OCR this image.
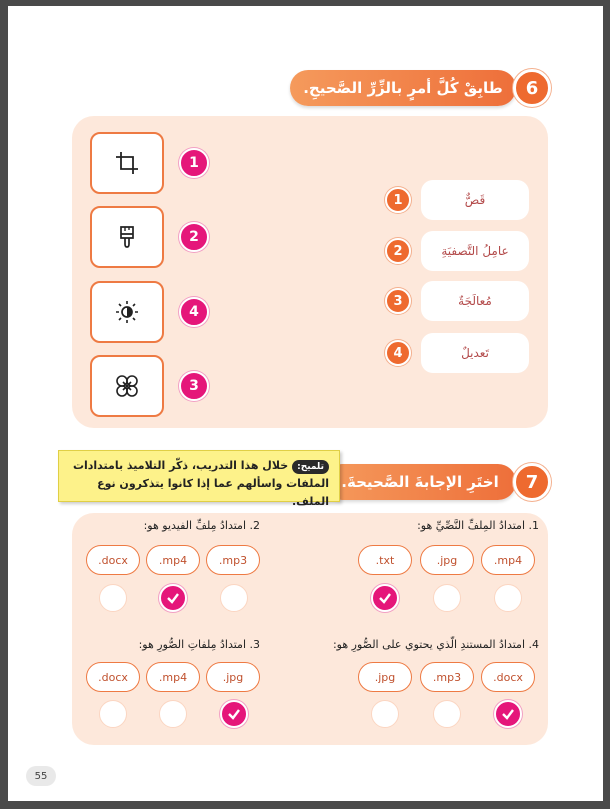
طابِقْ كُلَّ أمرٍ بالزِّرِّ الصَّحيحِ.	6
1
2
4
3
1	قَصٌّ
2	عامِلُ التَّصفيَةِ
3	مُعالَجَةٌ
4	تَعديلٌ
اختَرِ الإجابةَ الصَّحيحةَ.	7
تلميح:خلال هذا التدريب، ذكّر التلاميذ بامتدادات
الملفات واسألهم عما إذا كانوا يتذكرون نوع الملف.
1. امتدادُ المِلفِّ النَّصِّيِّ هو:
.mp4
.jpg
.txt
2. امتدادُ مِلفِّ الفيديو هو:
.mp3
.mp4
.docx
4. امتدادُ المستندِ الّذي يحتوي على الصُّورِ هو:
.docx
.mp3
.jpg
3. امتدادُ مِلفاتِ الصُّورِ هو:
.jpg
.mp4
.docx
55
